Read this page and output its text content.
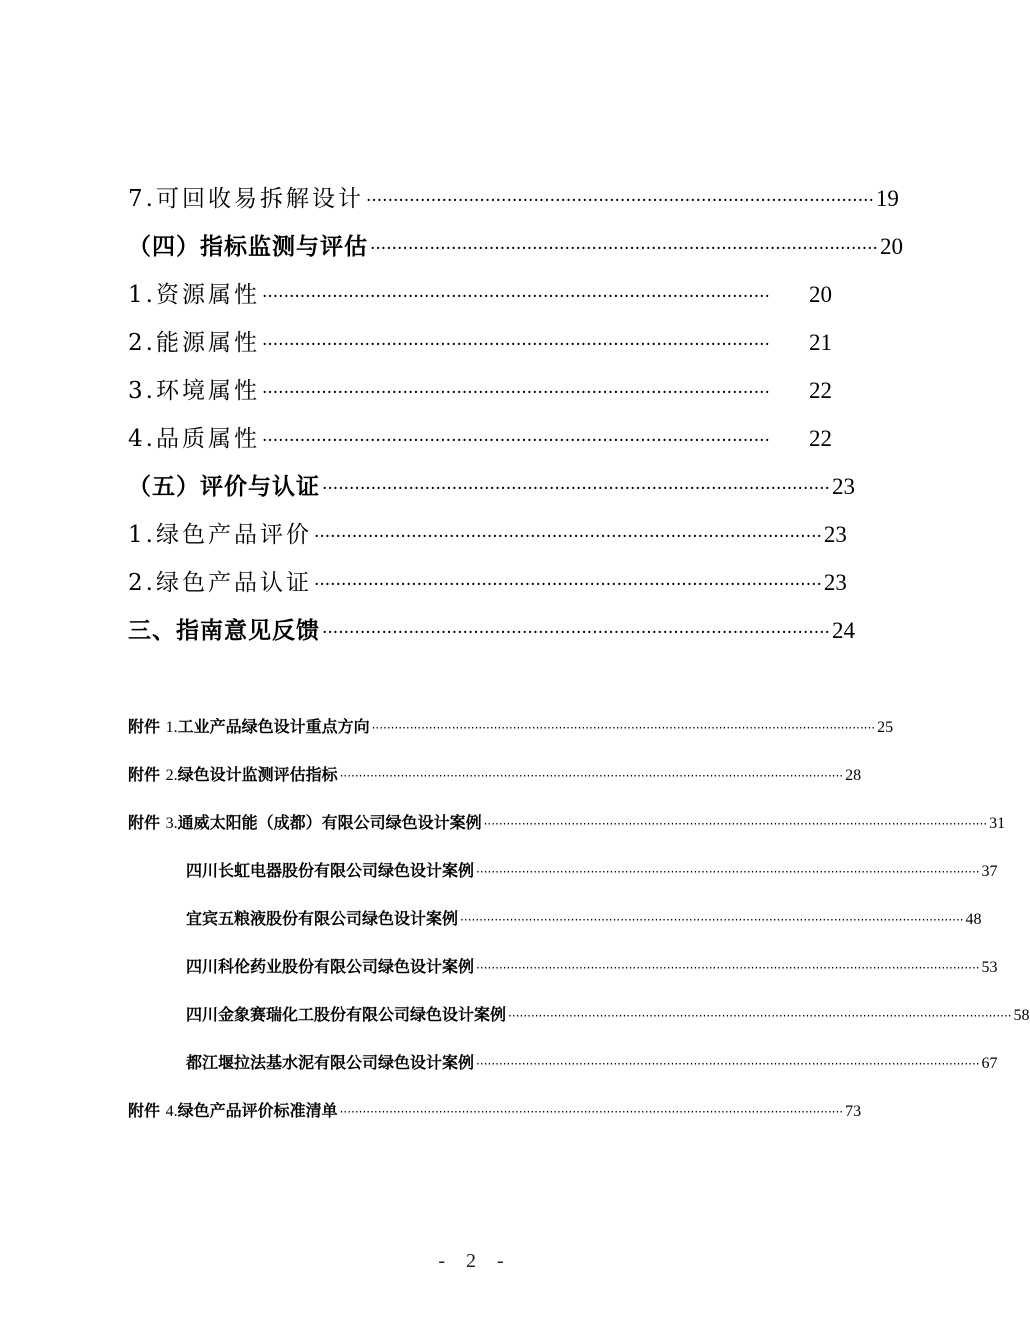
7.可回收易拆解设计 ······························································································ 19
（四）指标监测与评估 ······························································································ 20
1.资源属性 ······························································································	20
2.能源属性 ······························································································	21
3.环境属性 ······························································································	22
4.品质属性 ······························································································	22
（五）评价与认证 ······························································································ 23
1.绿色产品评价 ······························································································ 23
2.绿色产品认证 ······························································································ 23
三、指南意见反馈 ······························································································ 24
附件 1.工业产品绿色设计重点方向 ···································································································································· 25
附件 2.绿色设计监测评估指标 ···································································································································· 28
附件 3.通威太阳能（成都）有限公司绿色设计案例 ···································································································································· 31
四川长虹电器股份有限公司绿色设计案例 ···································································································································· 37
宜宾五粮液股份有限公司绿色设计案例 ···································································································································· 48
四川科伦药业股份有限公司绿色设计案例 ···································································································································· 53
四川金象赛瑞化工股份有限公司绿色设计案例 ···································································································································· 58
都江堰拉法基水泥有限公司绿色设计案例 ···································································································································· 67
附件 4.绿色产品评价标准清单 ···································································································································· 73
- 2 -
